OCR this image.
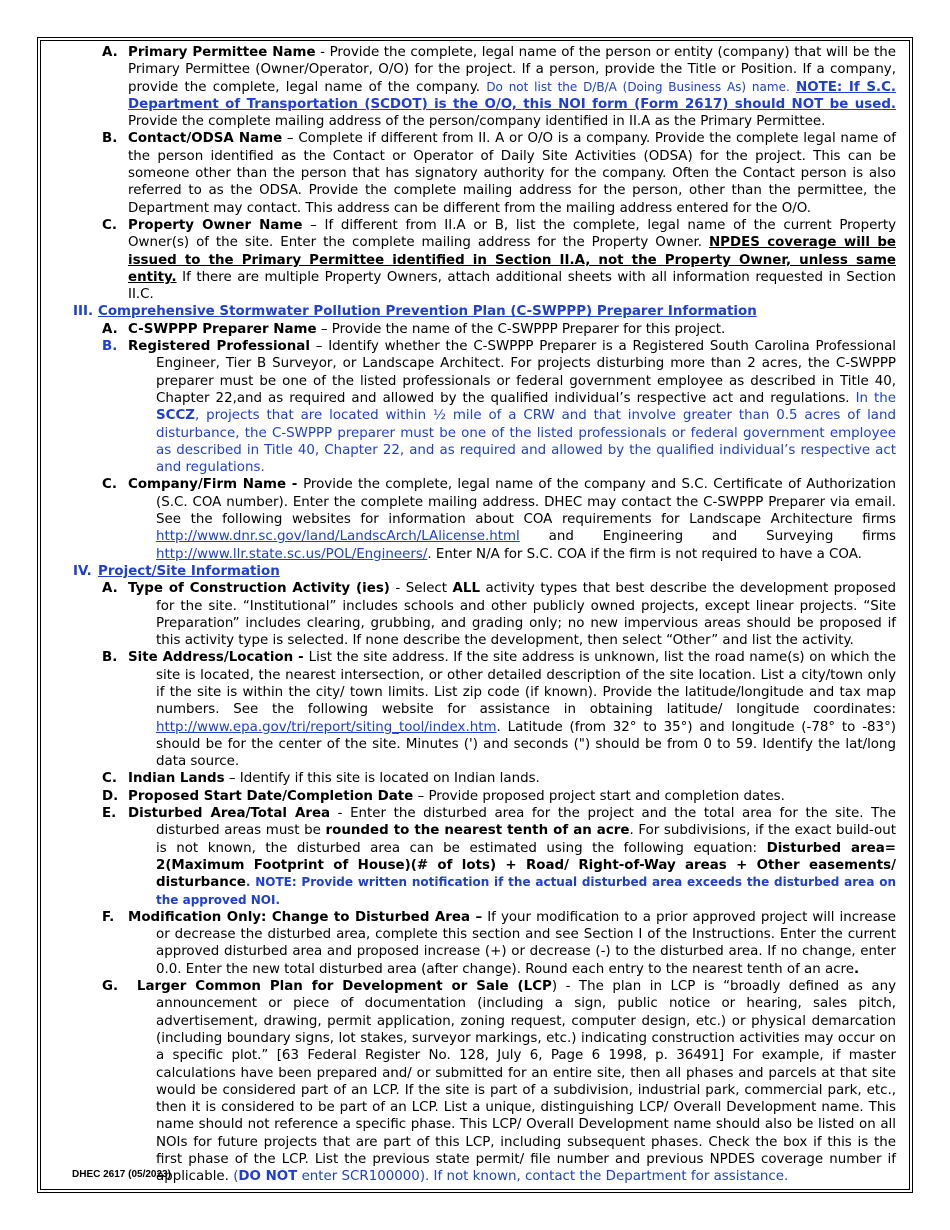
A. Primary Permittee Name - Provide the complete, legal name of the person or entity (company) that will be the Primary Permittee (Owner/Operator, O/O) for the project. If a person, provide the Title or Position. If a company, provide the complete, legal name of the company. Do not list the D/B/A (Doing Business As) name. NOTE: If S.C. Department of Transportation (SCDOT) is the O/O, this NOI form (Form 2617) should NOT be used. Provide the complete mailing address of the person/company identified in II.A as the Primary Permittee.
B. Contact/ODSA Name – Complete if different from II. A or O/O is a company. Provide the complete legal name of the person identified as the Contact or Operator of Daily Site Activities (ODSA) for the project. This can be someone other than the person that has signatory authority for the company. Often the Contact person is also referred to as the ODSA. Provide the complete mailing address for the person, other than the permittee, the Department may contact. This address can be different from the mailing address entered for the O/O.
C. Property Owner Name – If different from II.A or B, list the complete, legal name of the current Property Owner(s) of the site. Enter the complete mailing address for the Property Owner. NPDES coverage will be issued to the Primary Permittee identified in Section II.A, not the Property Owner, unless same entity. If there are multiple Property Owners, attach additional sheets with all information requested in Section II.C.
III. Comprehensive Stormwater Pollution Prevention Plan (C-SWPPP) Preparer Information
A. C-SWPPP Preparer Name – Provide the name of the C-SWPPP Preparer for this project.
B. Registered Professional – Identify whether the C-SWPPP Preparer is a Registered South Carolina Professional Engineer, Tier B Surveyor, or Landscape Architect. For projects disturbing more than 2 acres, the C-SWPPP preparer must be one of the listed professionals or federal government employee as described in Title 40, Chapter 22,and as required and allowed by the qualified individual’s respective act and regulations. In the SCCZ, projects that are located within ½ mile of a CRW and that involve greater than 0.5 acres of land disturbance, the C-SWPPP preparer must be one of the listed professionals or federal government employee as described in Title 40, Chapter 22, and as required and allowed by the qualified individual’s respective act and regulations.
C. Company/Firm Name - Provide the complete, legal name of the company and S.C. Certificate of Authorization (S.C. COA number). Enter the complete mailing address. DHEC may contact the C-SWPPP Preparer via email. See the following websites for information about COA requirements for Landscape Architecture firms http://www.dnr.sc.gov/land/LandscArch/LAlicense.html and Engineering and Surveying firms http://www.llr.state.sc.us/POL/Engineers/. Enter N/A for S.C. COA if the firm is not required to have a COA.
IV. Project/Site Information
A. Type of Construction Activity (ies) - Select ALL activity types that best describe the development proposed for the site. “Institutional” includes schools and other publicly owned projects, except linear projects. “Site Preparation” includes clearing, grubbing, and grading only; no new impervious areas should be proposed if this activity type is selected. If none describe the development, then select “Other” and list the activity.
B. Site Address/Location - List the site address. If the site address is unknown, list the road name(s) on which the site is located, the nearest intersection, or other detailed description of the site location. List a city/town only if the site is within the city/ town limits. List zip code (if known). Provide the latitude/longitude and tax map numbers. See the following website for assistance in obtaining latitude/ longitude coordinates: http://www.epa.gov/tri/report/siting_tool/index.htm. Latitude (from 32° to 35°) and longitude (-78° to -83°) should be for the center of the site. Minutes (') and seconds (") should be from 0 to 59. Identify the lat/long data source.
C. Indian Lands – Identify if this site is located on Indian lands.
D. Proposed Start Date/Completion Date – Provide proposed project start and completion dates.
E. Disturbed Area/Total Area - Enter the disturbed area for the project and the total area for the site. The disturbed areas must be rounded to the nearest tenth of an acre. For subdivisions, if the exact build-out is not known, the disturbed area can be estimated using the following equation: Disturbed area= 2(Maximum Footprint of House)(# of lots) + Road/ Right-of-Way areas + Other easements/ disturbance. NOTE: Provide written notification if the actual disturbed area exceeds the disturbed area on the approved NOI.
F. Modification Only: Change to Disturbed Area – If your modification to a prior approved project will increase or decrease the disturbed area, complete this section and see Section I of the Instructions. Enter the current approved disturbed area and proposed increase (+) or decrease (-) to the disturbed area. If no change, enter 0.0. Enter the new total disturbed area (after change). Round each entry to the nearest tenth of an acre.
G. Larger Common Plan for Development or Sale (LCP) - The plan in LCP is “broadly defined as any announcement or piece of documentation (including a sign, public notice or hearing, sales pitch, advertisement, drawing, permit application, zoning request, computer design, etc.) or physical demarcation (including boundary signs, lot stakes, surveyor markings, etc.) indicating construction activities may occur on a specific plot.” [63 Federal Register No. 128, July 6, Page 6 1998, p. 36491] For example, if master calculations have been prepared and/ or submitted for an entire site, then all phases and parcels at that site would be considered part of an LCP. If the site is part of a subdivision, industrial park, commercial park, etc., then it is considered to be part of an LCP. List a unique, distinguishing LCP/ Overall Development name. This name should not reference a specific phase. This LCP/ Overall Development name should also be listed on all NOIs for future projects that are part of this LCP, including subsequent phases. Check the box if this is the first phase of the LCP. List the previous state permit/ file number and previous NPDES coverage number if applicable. (DO NOT enter SCR100000). If not known, contact the Department for assistance.
DHEC 2617 (05/2023)
